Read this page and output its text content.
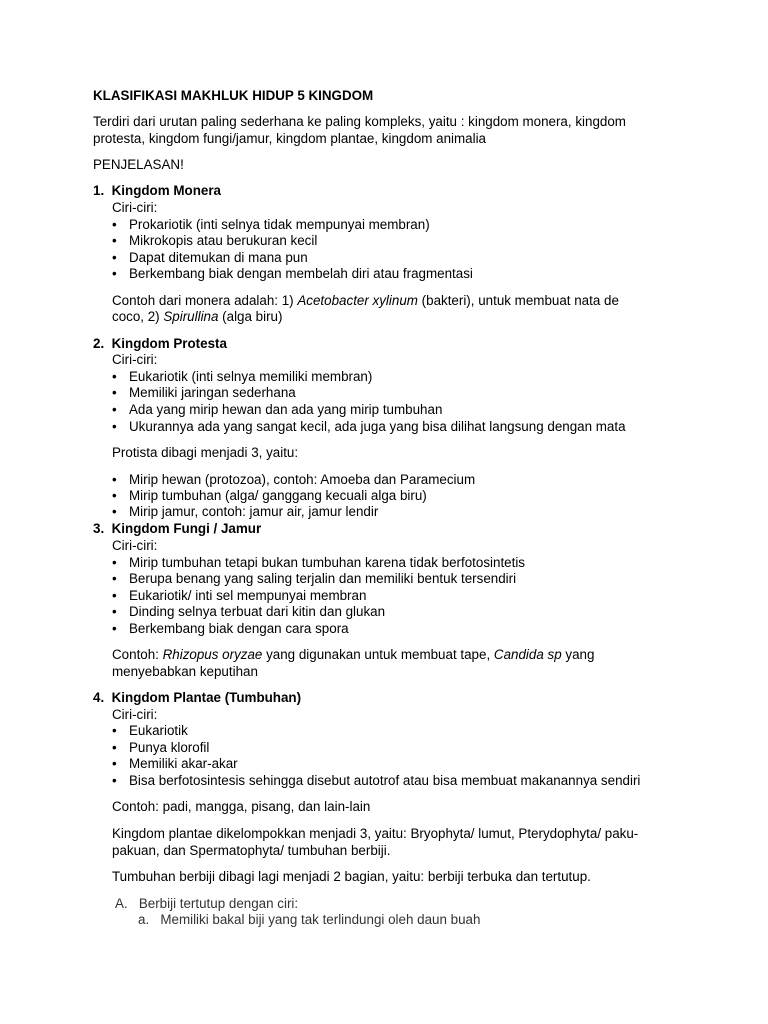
KLASIFIKASI MAKHLUK HIDUP 5 KINGDOM
Terdiri dari urutan paling sederhana ke paling kompleks, yaitu : kingdom monera, kingdom
protesta, kingdom fungi/jamur, kingdom plantae, kingdom animalia
PENJELASAN!
1. Kingdom Monera
Ciri-ciri:
•Prokariotik (inti selnya tidak mempunyai membran)
•Mikrokopis atau berukuran kecil
•Dapat ditemukan di mana pun
•Berkembang biak dengan membelah diri atau fragmentasi
Contoh dari monera adalah: 1) Acetobacter xylinum (bakteri), untuk membuat nata de
coco, 2) Spirullina (alga biru)
2. Kingdom Protesta
Ciri-ciri:
•Eukariotik (inti selnya memiliki membran)
•Memiliki jaringan sederhana
•Ada yang mirip hewan dan ada yang mirip tumbuhan
•Ukurannya ada yang sangat kecil, ada juga yang bisa dilihat langsung dengan mata
Protista dibagi menjadi 3, yaitu:
•Mirip hewan (protozoa), contoh: Amoeba dan Paramecium
•Mirip tumbuhan (alga/ ganggang kecuali alga biru)
•Mirip jamur, contoh: jamur air, jamur lendir
3. Kingdom Fungi / Jamur
Ciri-ciri:
•Mirip tumbuhan tetapi bukan tumbuhan karena tidak berfotosintetis
•Berupa benang yang saling terjalin dan memiliki bentuk tersendiri
•Eukariotik/ inti sel mempunyai membran
•Dinding selnya terbuat dari kitin dan glukan
•Berkembang biak dengan cara spora
Contoh: Rhizopus oryzae yang digunakan untuk membuat tape, Candida sp yang
menyebabkan keputihan
4. Kingdom Plantae (Tumbuhan)
Ciri-ciri:
•Eukariotik
•Punya klorofil
•Memiliki akar-akar
•Bisa berfotosintesis sehingga disebut autotrof atau bisa membuat makanannya sendiri
Contoh: padi, mangga, pisang, dan lain-lain
Kingdom plantae dikelompokkan menjadi 3, yaitu: Bryophyta/ lumut, Pterydophyta/ paku-
pakuan, dan Spermatophyta/ tumbuhan berbiji.
Tumbuhan berbiji dibagi lagi menjadi 2 bagian, yaitu: berbiji terbuka dan tertutup.
A. Berbiji tertutup dengan ciri:
a. Memiliki bakal biji yang tak terlindungi oleh daun buah
